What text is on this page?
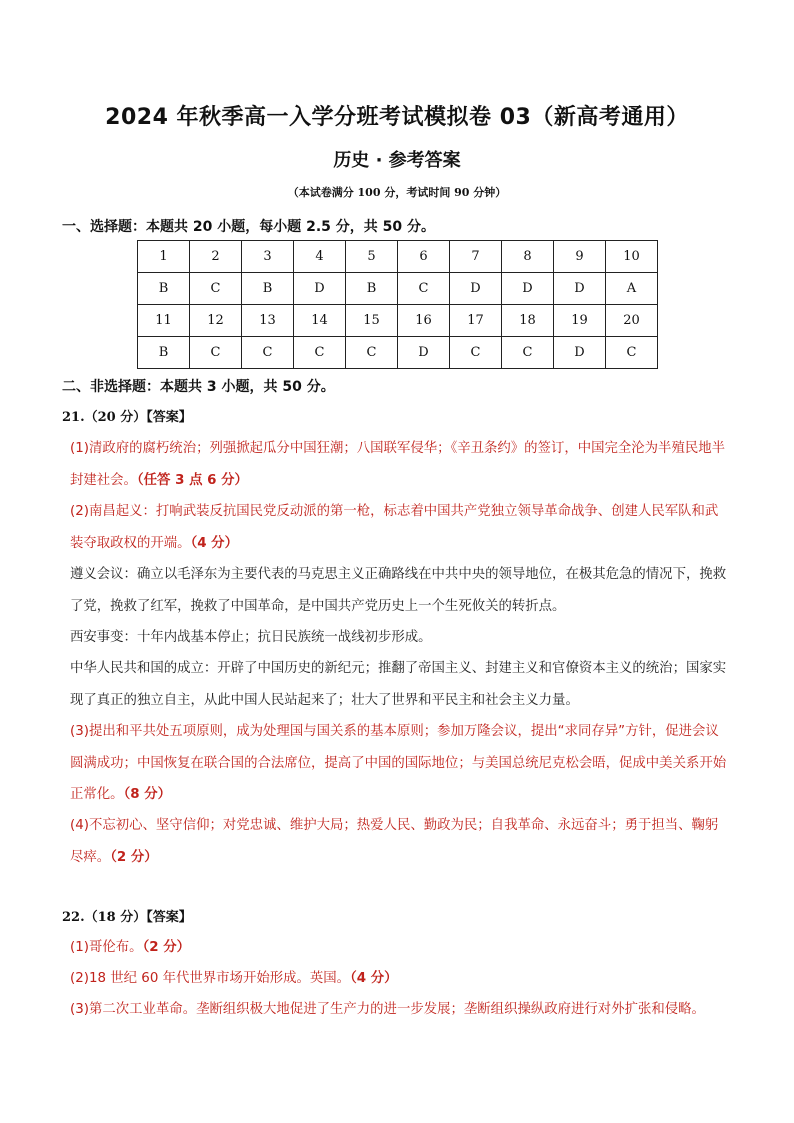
2024 年秋季高一入学分班考试模拟卷 03（新高考通用）
历史 · 参考答案
（本试卷满分 100 分，考试时间 90 分钟）
一、选择题：本题共 20 小题，每小题 2.5 分，共 50 分。
1	2	3	4	5	6	7	8	9	10
B	C	B	D	B	C	D	D	D	A
11	12	13	14	15	16	17	18	19	20
B	C	C	C	C	D	C	C	D	C
二、非选择题：本题共 3 小题，共 50 分。
21.（20 分）【答案】
(1)清政府的腐朽统治；列强掀起瓜分中国狂潮；八国联军侵华；《辛丑条约》的签订，中国完全沦为半殖民地半封建社会。（任答 3 点 6 分）
(2)南昌起义：打响武装反抗国民党反动派的第一枪，标志着中国共产党独立领导革命战争、创建人民军队和武装夺取政权的开端。（4 分）
遵义会议：确立以毛泽东为主要代表的马克思主义正确路线在中共中央的领导地位，在极其危急的情况下，挽救了党，挽救了红军，挽救了中国革命，是中国共产党历史上一个生死攸关的转折点。
西安事变：十年内战基本停止；抗日民族统一战线初步形成。
中华人民共和国的成立：开辟了中国历史的新纪元；推翻了帝国主义、封建主义和官僚资本主义的统治；国家实现了真正的独立自主，从此中国人民站起来了；壮大了世界和平民主和社会主义力量。
(3)提出和平共处五项原则，成为处理国与国关系的基本原则；参加万隆会议，提出“求同存异”方针，促进会议圆满成功；中国恢复在联合国的合法席位，提高了中国的国际地位；与美国总统尼克松会晤，促成中美关系开始正常化。（8 分）
(4)不忘初心、坚守信仰；对党忠诚、维护大局；热爱人民、勤政为民；自我革命、永远奋斗；勇于担当、鞠躬尽瘁。（2 分）
22.（18 分）【答案】
(1)哥伦布。（2 分）
(2)18 世纪 60 年代世界市场开始形成。英国。（4 分）
(3)第二次工业革命。垄断组织极大地促进了生产力的进一步发展；垄断组织操纵政府进行对外扩张和侵略。
